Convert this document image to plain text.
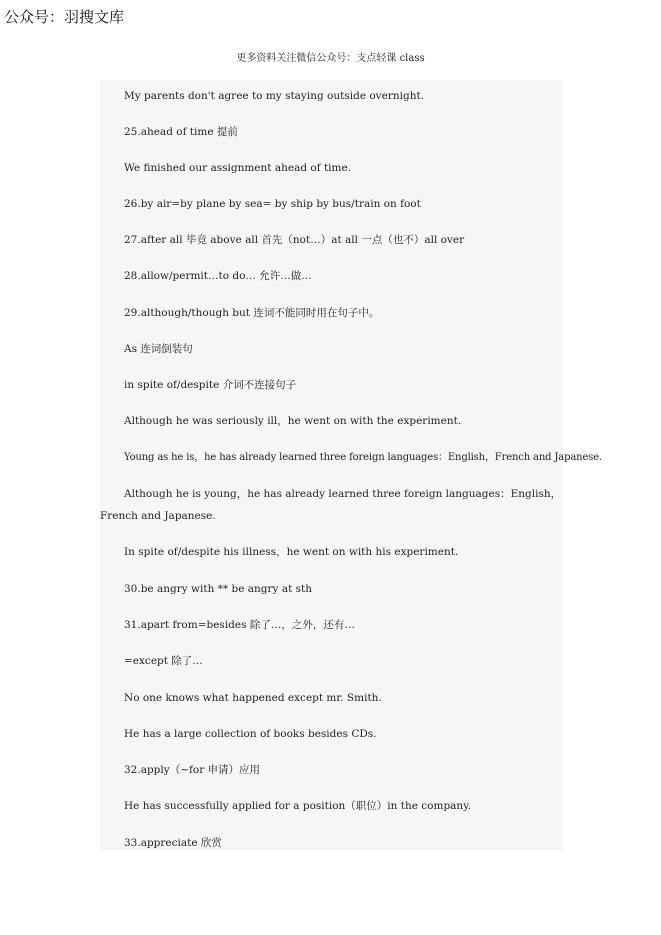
公众号：羽搜文库
更多资料关注微信公众号：支点轻课 class
My parents don't agree to my staying outside overnight.
25.ahead of time 提前
We finished our assignment ahead of time.
26.by air=by plane by sea= by ship by bus/train on foot
27.after all 毕竟 above all 首先（not…）at all 一点（也不）all over
28.allow/permit…to do… 允许…做…
29.although/though but 连词不能同时用在句子中。
As 连词倒装句
in spite of/despite 介词不连接句子
Although he was seriously ill，he went on with the experiment.
Young as he is，he has already learned three foreign languages：English，French and Japanese.
Although he is young，he has already learned three foreign languages：English，French and Japanese.
In spite of/despite his illness，he went on with his experiment.
30.be angry with ** be angry at sth
31.apart from=besides 除了…，之外，还有…
=except 除了…
No one knows what happened except mr. Smith.
He has a large collection of books besides CDs.
32.apply（~for 申请）应用
He has successfully applied for a position（职位）in the company.
33.appreciate 欣赏
